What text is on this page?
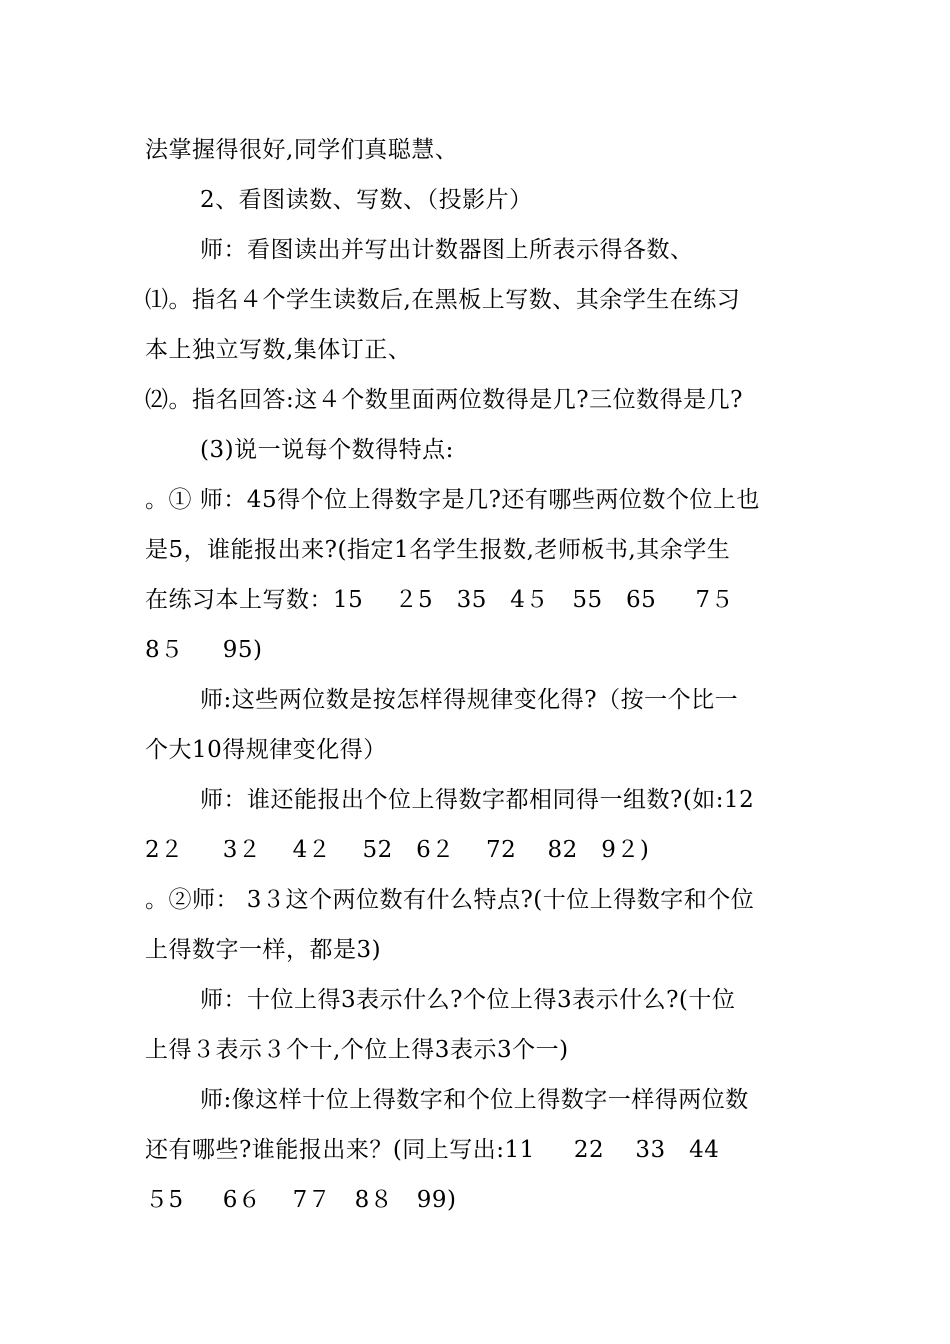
法掌握得很好,同学们真聪慧、
2、看图读数、写数、（投影片）
师：看图读出并写出计数器图上所表示得各数、
⑴。指名４个学生读数后,在黑板上写数、其余学生在练习
本上独立写数,集体订正、
⑵。指名回答:这４个数里面两位数得是几?三位数得是几?
(3)说一说每个数得特点:
。① 师：45得个位上得数字是几?还有哪些两位数个位上也
是5，谁能报出来?(指定1名学生报数,老师板书,其余学生
在练习本上写数：15    ２5   35   4５   55   65     7５
8５     95)
师:这些两位数是按怎样得规律变化得?（按一个比一
个大10得规律变化得）
师：谁还能报出个位上得数字都相同得一组数?(如:12
2２     3２    4２    52   6２    72    82   9２)
。②师： 3３这个两位数有什么特点?(十位上得数字和个位
上得数字一样，都是3)
师：十位上得3表示什么?个位上得3表示什么?(十位
上得３表示３个十,个位上得3表示3个一)
师:像这样十位上得数字和个位上得数字一样得两位数
还有哪些?谁能报出来？(同上写出:11     22    33   44
５5     6６    7７   8８   99)
